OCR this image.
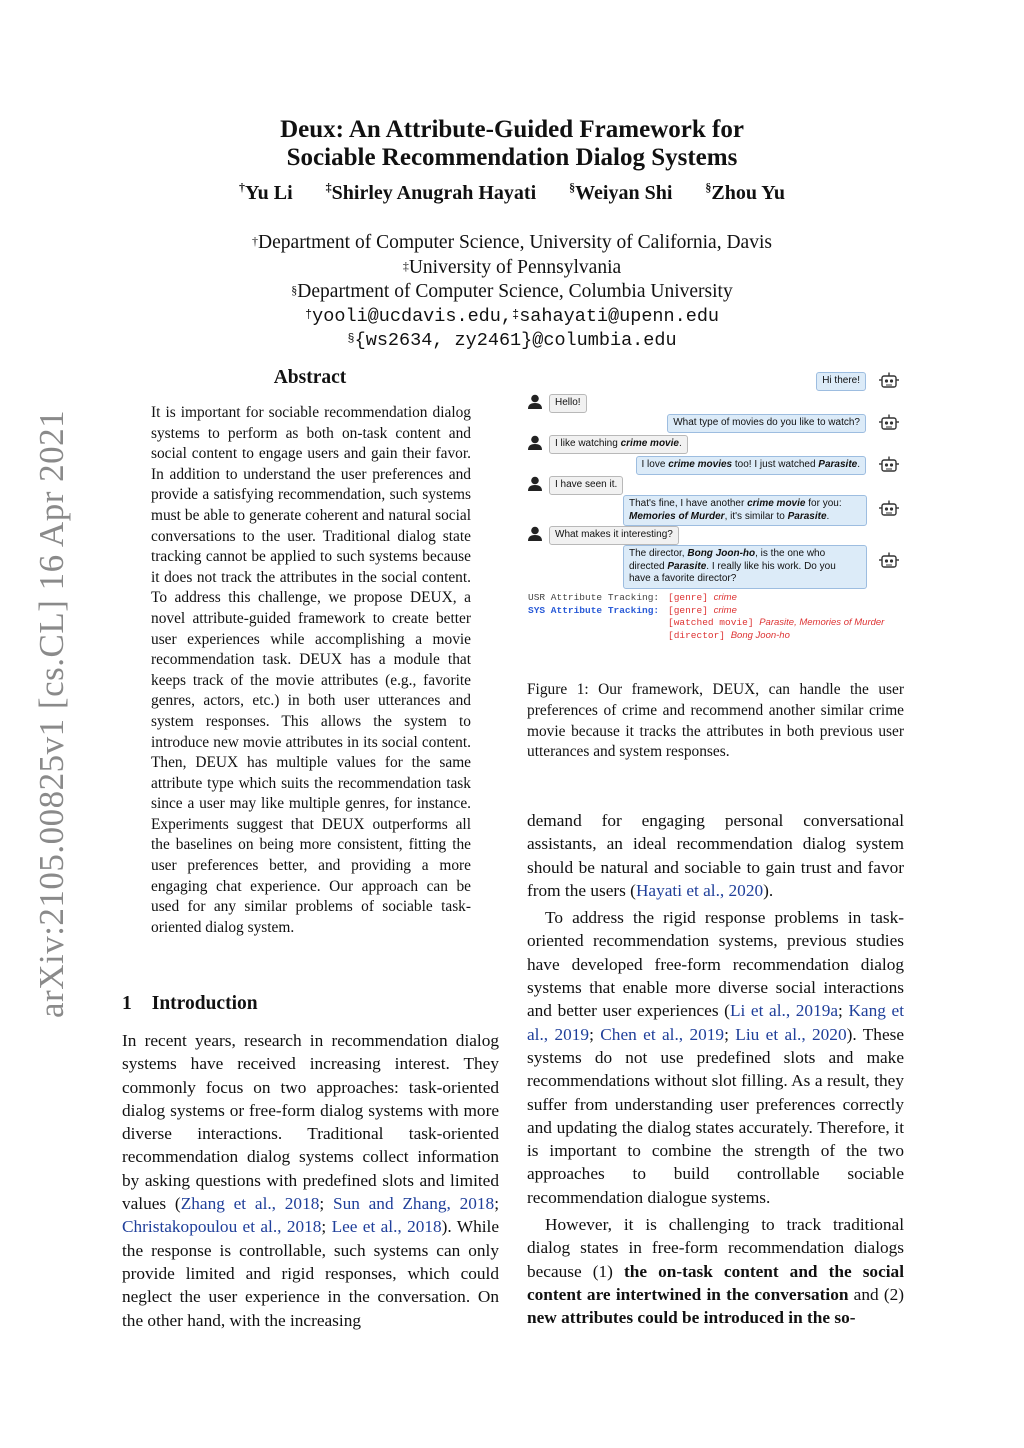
arXiv:2105.00825v1 [cs.CL] 16 Apr 2021
Deux: An Attribute-Guided Framework for
Sociable Recommendation Dialog Systems
†Yu Li	‡Shirley Anugrah Hayati	§Weiyan Shi	§Zhou Yu
†Department of Computer Science, University of California, Davis
‡University of Pennsylvania
§Department of Computer Science, Columbia University
†yooli@ucdavis.edu,‡sahayati@upenn.edu
§{ws2634, zy2461}@columbia.edu
Abstract

It is important for sociable recommendation dialog systems to perform as both on-task content and social content to engage users and gain their favor. In addition to understand the user preferences and provide a satisfying recommendation, such systems must be able to generate coherent and natural social conversations to the user. Traditional dialog state tracking cannot be applied to such systems because it does not track the attributes in the social content. To address this challenge, we propose DEUX, a novel attribute-guided framework to create better user experiences while accomplishing a movie recommendation task. DEUX has a module that keeps track of the movie attributes (e.g., favorite genres, actors, etc.) in both user utterances and system responses. This allows the system to introduce new movie attributes in its social content. Then, DEUX has multiple values for the same attribute type which suits the recommendation task since a user may like multiple genres, for instance. Experiments suggest that DEUX outperforms all the baselines on being more consistent, fitting the user preferences better, and providing a more engaging chat experience. Our approach can be used for any similar problems of sociable task-oriented dialog system.

1 Introduction

In recent years, research in recommendation dialog systems have received increasing interest. They commonly focus on two approaches: task-oriented dialog systems or free-form dialog systems with more diverse interactions. Traditional task-oriented recommendation dialog systems collect information by asking questions with predefined slots and limited values (Zhang et al., 2018; Sun and Zhang, 2018; Christakopoulou et al., 2018; Lee et al., 2018). While the response is controllable, such systems can only provide limited and rigid responses, which could neglect the user experience in the conversation. On the other hand, with the increasing

Hi there!
Hello!
What type of movies do you like to watch?
I like watching crime movie.
I love crime movies too! I just watched Parasite.
I have seen it.
That's fine, I have another crime movie for you:
Memories of Murder, it's similar to Parasite.
What makes it interesting?
The director, Bong Joon-ho, is the one who
directed Parasite. I really like his work. Do you
have a favorite director?
USR Attribute Tracking: [genre] crime
SYS Attribute Tracking: [genre] crime
[watched movie] Parasite, Memories of Murder
[director] Bong Joon-ho
Figure 1: Our framework, DEUX, can handle the user preferences of crime and recommend another similar crime movie because it tracks the attributes in both previous user utterances and system responses.

demand for engaging personal conversational assistants, an ideal recommendation dialog system should be natural and sociable to gain trust and favor from the users (Hayati et al., 2020).

To address the rigid response problems in task-oriented recommendation systems, previous studies have developed free-form recommendation dialog systems that enable more diverse social interactions and better user experiences (Li et al., 2019a; Kang et al., 2019; Chen et al., 2019; Liu et al., 2020). These systems do not use predefined slots and make recommendations without slot filling. As a result, they suffer from understanding user preferences correctly and updating the dialog states accurately. Therefore, it is important to combine the strength of the two approaches to build controllable sociable recommendation dialogue systems.

However, it is challenging to track traditional dialog states in free-form recommendation dialogs because (1) the on-task content and the social content are intertwined in the conversation and (2) new attributes could be introduced in the so-
